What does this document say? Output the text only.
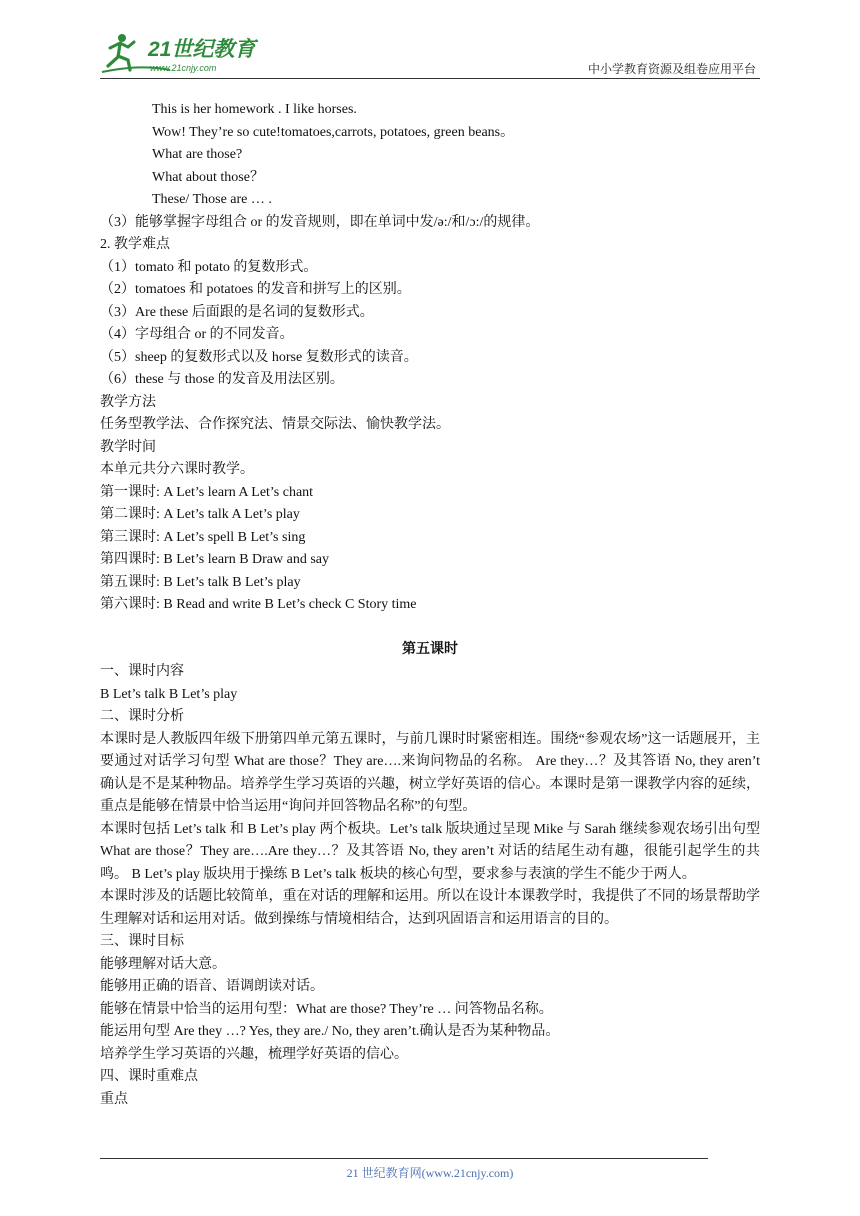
21世纪教育
www.21cnjy.com	中小学教育资源及组卷应用平台
This is her homework . I like horses.
Wow! They’re so cute!tomatoes,carrots, potatoes, green beans。
What are those?
What about those？
These/ Those are … .
（3）能够掌握字母组合 or 的发音规则，即在单词中发/ə:/和/ɔ:/的规律。
2. 教学难点
（1）tomato 和 potato 的复数形式。
（2）tomatoes 和 potatoes 的发音和拼写上的区别。
（3）Are these 后面跟的是名词的复数形式。
（4）字母组合 or 的不同发音。
（5）sheep 的复数形式以及 horse 复数形式的读音。
（6）these 与 those 的发音及用法区别。
教学方法
任务型教学法、合作探究法、情景交际法、愉快教学法。
教学时间
本单元共分六课时教学。
第一课时: A Let’s learn A Let’s chant
第二课时: A Let’s talk A Let’s play
第三课时: A Let’s spell B Let’s sing
第四课时: B Let’s learn B Draw and say
第五课时: B Let’s talk B Let’s play
第六课时: B Read and write B Let’s check C Story time
第五课时
一、课时内容
B Let’s talk B Let’s play
二、课时分析
本课时是人教版四年级下册第四单元第五课时，与前几课时时紧密相连。围绕“参观农场”这一话题展开，主要通过对话学习句型 What are those？They are….来询问物品的名称。 Are they…？及其答语 No, they aren’t 确认是不是某种物品。培养学生学习英语的兴趣，树立学好英语的信心。本课时是第一课教学内容的延续，重点是能够在情景中恰当运用“询问并回答物品名称”的句型。
本课时包括 Let’s talk 和 B Let’s play 两个板块。Let’s talk 版块通过呈现 Mike 与 Sarah 继续参观农场引出句型 What are those？They are….Are they…？及其答语 No, they aren’t 对话的结尾生动有趣，很能引起学生的共鸣。 B Let’s play 版块用于操练 B Let’s talk 板块的核心句型，要求参与表演的学生不能少于两人。
本课时涉及的话题比较简单，重在对话的理解和运用。所以在设计本课教学时，我提供了不同的场景帮助学生理解对话和运用对话。做到操练与情境相结合，达到巩固语言和运用语言的目的。
三、课时目标
能够理解对话大意。
能够用正确的语音、语调朗读对话。
能够在情景中恰当的运用句型：What are those? They’re … 问答物品名称。
能运用句型 Are they …? Yes, they are./ No, they aren’t.确认是否为某种物品。
培养学生学习英语的兴趣，梳理学好英语的信心。
四、课时重难点
重点
21 世纪教育网(www.21cnjy.com)
